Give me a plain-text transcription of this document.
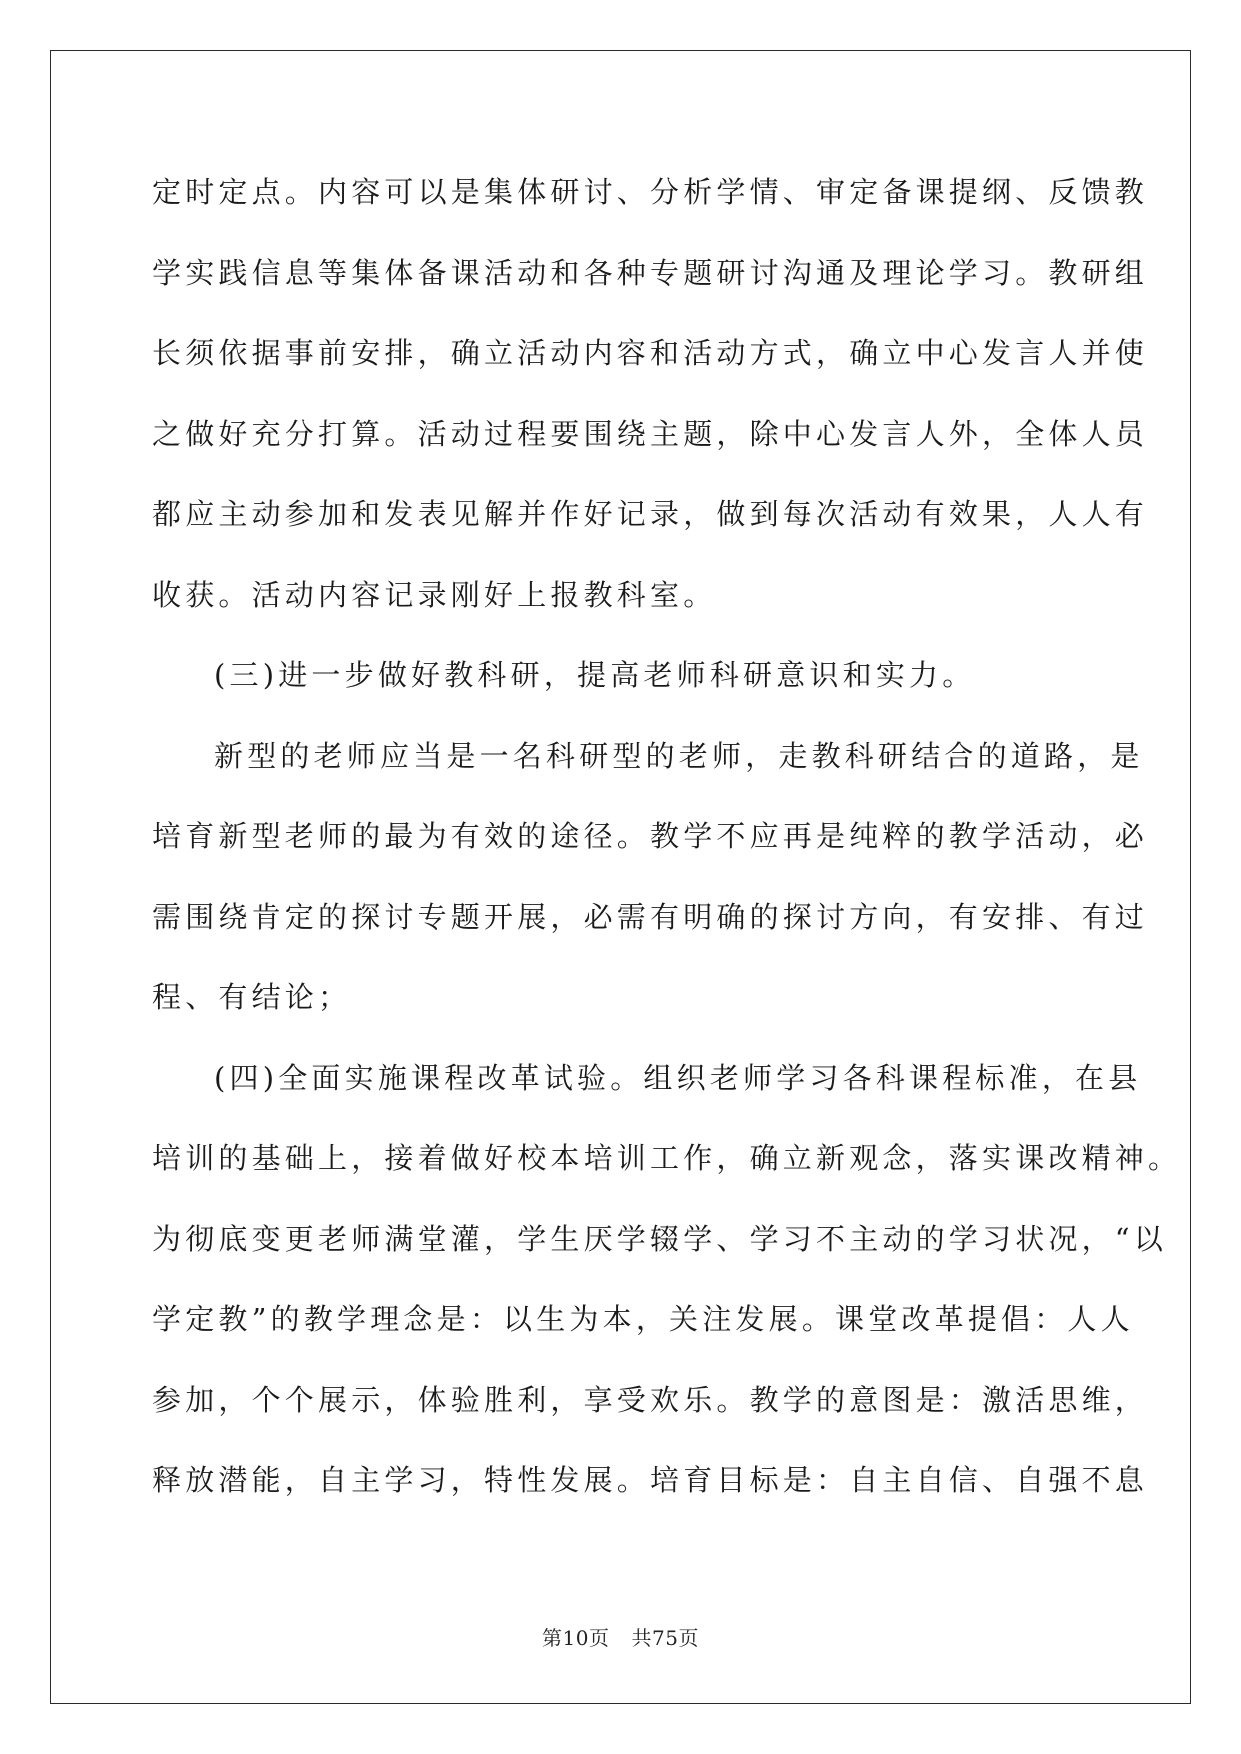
定时定点。内容可以是集体研讨、分析学情、审定备课提纲、反馈教
学实践信息等集体备课活动和各种专题研讨沟通及理论学习。教研组
长须依据事前安排，确立活动内容和活动方式，确立中心发言人并使
之做好充分打算。活动过程要围绕主题，除中心发言人外，全体人员
都应主动参加和发表见解并作好记录，做到每次活动有效果，人人有
收获。活动内容记录刚好上报教科室。
(三)进一步做好教科研，提高老师科研意识和实力。
新型的老师应当是一名科研型的老师，走教科研结合的道路，是
培育新型老师的最为有效的途径。教学不应再是纯粹的教学活动，必
需围绕肯定的探讨专题开展，必需有明确的探讨方向，有安排、有过
程、有结论；
(四)全面实施课程改革试验。组织老师学习各科课程标准，在县
培训的基础上，接着做好校本培训工作，确立新观念，落实课改精神。
为彻底变更老师满堂灌，学生厌学辍学、学习不主动的学习状况，“以
学定教”的教学理念是：以生为本，关注发展。课堂改革提倡：人人
参加，个个展示，体验胜利，享受欢乐。教学的意图是：激活思维，
释放潜能，自主学习，特性发展。培育目标是：自主自信、自强不息
第10页 共75页
